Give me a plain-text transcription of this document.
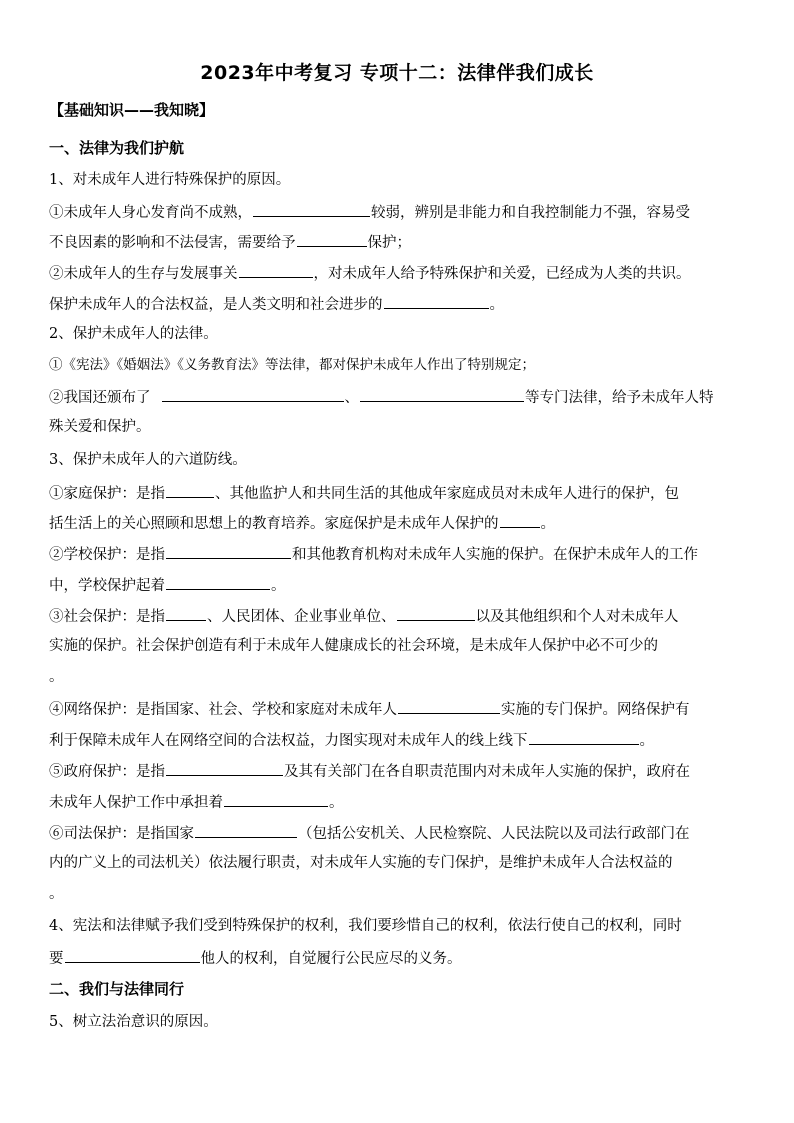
2023年中考复习 专项十二：法律伴我们成长
【基础知识——我知晓】
一、法律为我们护航
1、对未成年人进行特殊保护的原因。
①未成年人身心发育尚不成熟，	较弱，辨别是非能力和自我控制能力不强，容易受
不良因素的影响和不法侵害，需要给予	保护；
②未成年人的生存与发展事关	，对未成年人给予特殊保护和关爱，已经成为人类的共识。
保护未成年人的合法权益，是人类文明和社会进步的	。
2、保护未成年人的法律。
①《宪法》《婚姻法》《义务教育法》等法律，都对保护未成年人作出了特别规定；
②我国还颁布了	、	等专门法律，给予未成年人特
殊关爱和保护。
3、保护未成年人的六道防线。
①家庭保护：是指	、其他监护人和共同生活的其他成年家庭成员对未成年人进行的保护，包
括生活上的关心照顾和思想上的教育培养。家庭保护是未成年人保护的	。
②学校保护：是指	和其他教育机构对未成年人实施的保护。在保护未成年人的工作
中，学校保护起着	。
③社会保护：是指	、人民团体、企业事业单位、	以及其他组织和个人对未成年人
实施的保护。社会保护创造有利于未成年人健康成长的社会环境，是未成年人保护中必不可少的
。
④网络保护：是指国家、社会、学校和家庭对未成年人	实施的专门保护。网络保护有
利于保障未成年人在网络空间的合法权益，力图实现对未成年人的线上线下	。
⑤政府保护：是指	及其有关部门在各自职责范围内对未成年人实施的保护，政府在
未成年人保护工作中承担着	。
⑥司法保护：是指国家	（包括公安机关、人民检察院、人民法院以及司法行政部门在
内的广义上的司法机关）依法履行职责，对未成年人实施的专门保护，是维护未成年人合法权益的
。
4、宪法和法律赋予我们受到特殊保护的权利，我们要珍惜自己的权利，依法行使自己的权利，同时
要	他人的权利，自觉履行公民应尽的义务。
二、我们与法律同行
5、树立法治意识的原因。
